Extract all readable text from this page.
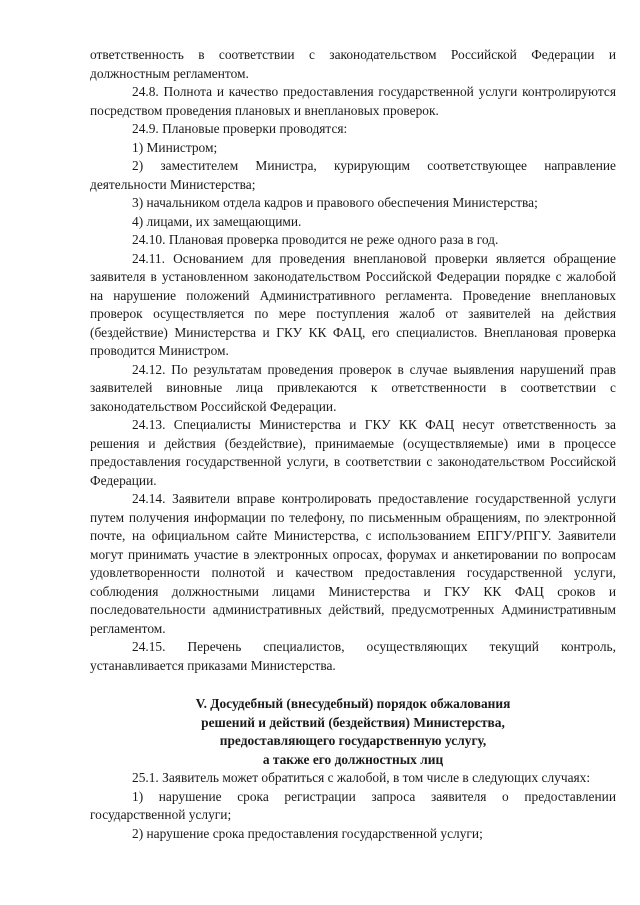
ответственность в соответствии с законодательством Российской Федерации и должностным регламентом.

24.8. Полнота и качество предоставления государственной услуги контролируются посредством проведения плановых и внеплановых проверок.

24.9. Плановые проверки проводятся:

1) Министром;

2) заместителем Министра, курирующим соответствующее направление деятельности Министерства;

3) начальником отдела кадров и правового обеспечения Министерства;

4) лицами, их замещающими.

24.10. Плановая проверка проводится не реже одного раза в год.

24.11. Основанием для проведения внеплановой проверки является обращение заявителя в установленном законодательством Российской Федерации порядке с жалобой на нарушение положений Административного регламента. Проведение внеплановых проверок осуществляется по мере поступления жалоб от заявителей на действия (бездействие) Министерства и ГКУ КК ФАЦ, его специалистов. Внеплановая проверка проводится Министром.

24.12. По результатам проведения проверок в случае выявления нарушений прав заявителей виновные лица привлекаются к ответственности в соответствии с законодательством Российской Федерации.

24.13. Специалисты Министерства и ГКУ КК ФАЦ несут ответственность за решения и действия (бездействие), принимаемые (осуществляемые) ими в процессе предоставления государственной услуги, в соответствии с законодательством Российской Федерации.

24.14. Заявители вправе контролировать предоставление государственной услуги путем получения информации по телефону, по письменным обращениям, по электронной почте, на официальном сайте Министерства, с использованием ЕПГУ/РПГУ. Заявители могут принимать участие в электронных опросах, форумах и анкетировании по вопросам удовлетворенности полнотой и качеством предоставления государственной услуги, соблюдения должностными лицами Министерства и ГКУ КК ФАЦ сроков и последовательности административных действий, предусмотренных Административным регламентом.

24.15. Перечень специалистов, осуществляющих текущий контроль, устанавливается приказами Министерства.

V. Досудебный (внесудебный) порядок обжалования
решений и действий (бездействия) Министерства,
предоставляющего государственную услугу,
а также его должностных лиц

25.1. Заявитель может обратиться с жалобой, в том числе в следующих случаях:

1) нарушение срока регистрации запроса заявителя о предоставлении государственной услуги;

2) нарушение срока предоставления государственной услуги;
